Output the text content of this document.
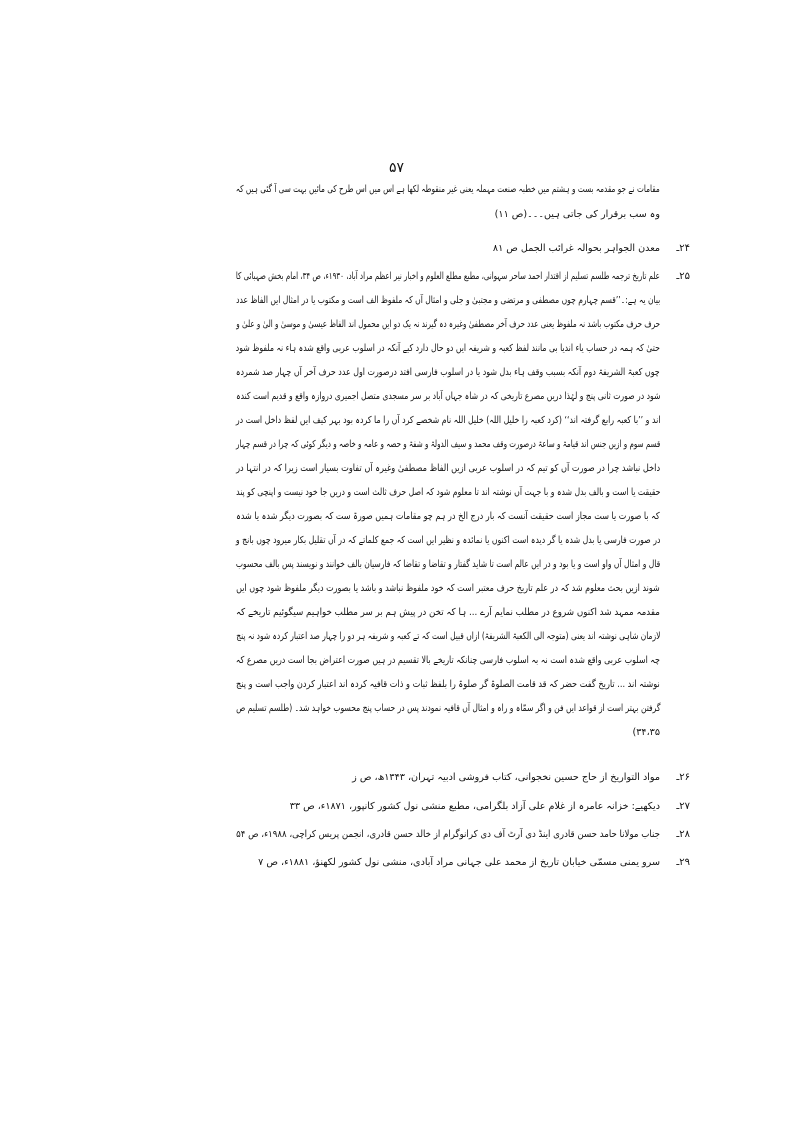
۵۷
مقامات نے جو مقدمہ بست و ہشتم میں خطبہ صنعت مہملہ یعنی غیر منقوطہ لکھا ہے اس میں اس طرح کی مائیں بہت سی آ گئی ہیں کہ
وہ سب برقرار کی جاتی ہیں۔۔۔(ص ۱۱)
۲۴ـ
معدن الجواہر بحوالہ غرائب الجمل ص ۸۱
۲۵ـ
علم تاریخ ترجمہ طلسم تسلیم از اقتدار احمد ساحر سہوانی، مطبع مطلع العلوم و اخبار نیر اعظم مراد آباد، ۱۹۳۰ء، ص ۳۴، امام بخش صہبائی کا
بیان یہ ہے:۔’’قسم چہارم چوں مصطفی و مرتضی و مجتبیٰ و جلی و امثال آں کہ ملفوظ الف است و مکتوب یا در امثال ایں الفاظ عدد
حرف حرف مکتوب باشد نہ ملفوظ یعنی عدد حرف آخر مصطفیٰ وغیرہ دہ گیرند نہ یک دو ایں محمول اند الفاظ عیسیٰ و موسیٰ و الیٰ و علیٰ و
حتیٰ کہ ہمہ در حساب یاء اندیا بی مانند لفظ کعبہ و شریفہ ایں دو حال دارد کیے آنکہ در اسلوب عربی واقع شدہ ہاء نہ ملفوظ شود
چوں کعبۃ الشریفۃ دوم آنکہ بسبب وقف ہاء بدل شود یا در اسلوب فارسی افتد درصورت اول عدد حرف آخر آں چہار صد شمردہ
شود در صورت ثانی پنج و لہٰذا دریں مصرع تاریخی کہ در شاہ جہاں آباد بر سر مسجدی متصل اجمیری دروازہ واقع و قدیم است کندہ
اند و ’’با کعبہ رابع گرفتہ اند‘‘ (کرد کعبہ را خلیل اللہ) خلیل اللہ نام شخصے کرد آں را ما کردہ بود بہر کیف ایں لفظ داخل است در
قسم سوم و ازیں جنس اند قیامۃ و ساعۃ درصورت وقف محمد و سیف الدولۃ و شفۃ و حصہ و عامہ و خاصہ و دیگر کوئی کہ چرا در قسم چہار
داخل نباشد چرا در صورت آں کو تیم کہ در اسلوب عربی ازیں الفاظ مصطفیٰ وغیرہ آں تفاوت بسیار است زیرا کہ در انتہا در
حقیقت یا است و بالف بدل شدہ و با جہت آں نوشتہ اند تا معلوم شود کہ اصل حرف ثالث است و دریں جا خود نیست و اپنچی کو پند
کہ با صورت یا ست مجاز است حقیقت آنست کہ بار درج الخ در ہم چو مقامات ہمیں صورۃ ست کہ بصورت دیگر شدہ یا شدہ
در صورت فارسی یا بدل شدہ یا گر دیدہ است اکنوں یا نمائدہ و نظیر ایں است کہ جمع کلماتے کہ در آں تقلیل بکار میرود چوں بانج و
قال و امثال آں واو است و یا بود و در ایں عالم است تا شاید گفتار و تقاضا و تقاضا کہ فارسیان بالف خوانند و نویسند پس بالف محسوب
شوند ازیں بحث معلوم شد کہ در علم تاریخ حرف معتبر است کہ خود ملفوظ نباشد و باشد یا بصورت دیگر ملفوظ شود چوں ایں
مقدمہ ممہد شد اکنوں شروع در مطلب نمایم آرے ... ہا کہ تخن در پیش ہم بر سر مطلب خواہیم سیگوئیم تاریخے کہ
لازمان شاہی نوشتہ اند یعنی (متوجہ الی الکعبۃ الشریفۃ) ازاں قبیل است کہ تے کعبہ و شریفہ ہر دو را چہار صد اعتبار کردہ شود نہ پنج
چہ اسلوب عربی واقع شدہ است نہ بہ اسلوب فارسی چنانکہ تاریخے بالا تقسیم در ہیں صورت اعتراض بجا است دریں مصرع کہ
نوشتہ اند ... تاریخ گفت حضر کہ قد قامت الصلوۃ گر صلوۃ را بلفظ ثبات و ذات قافیہ کردہ اند اعتبار کردن واجب است و پنج
گرفتن بہتر است از قواعد ایں فن و اگر سمّاہ و راہ و امثال آں قافیہ نمودند پس در حساب پنج محسوب خواہد شد۔ (طلسم تسلیم ص
۳۴،۳۵)
۲۶ـ
مواد التواریخ از حاج حسین نخجوانی، کتاب فروشی ادبیہ تہران، ۱۳۴۳ھ، ص ز
۲۷ـ
دیکھیے: خزانہ عامرہ از غلام علی آزاد بلگرامی، مطبع منشی نول کشور کانپور، ۱۸۷۱ء، ص ۳۳
۲۸ـ
جناب مولانا حامد حسن قادری اینڈ دی آرٹ آف دی کرانوگرام از خالد حسن قادری، انجمن پریس کراچی، ۱۹۸۸ء، ص ۵۴
۲۹ـ
سرو یمنی مسمّی خیابان تاریخ از محمد علی جہانی مراد آبادی، منشی نول کشور لکھنؤ، ۱۸۸۱ء، ص ۷
